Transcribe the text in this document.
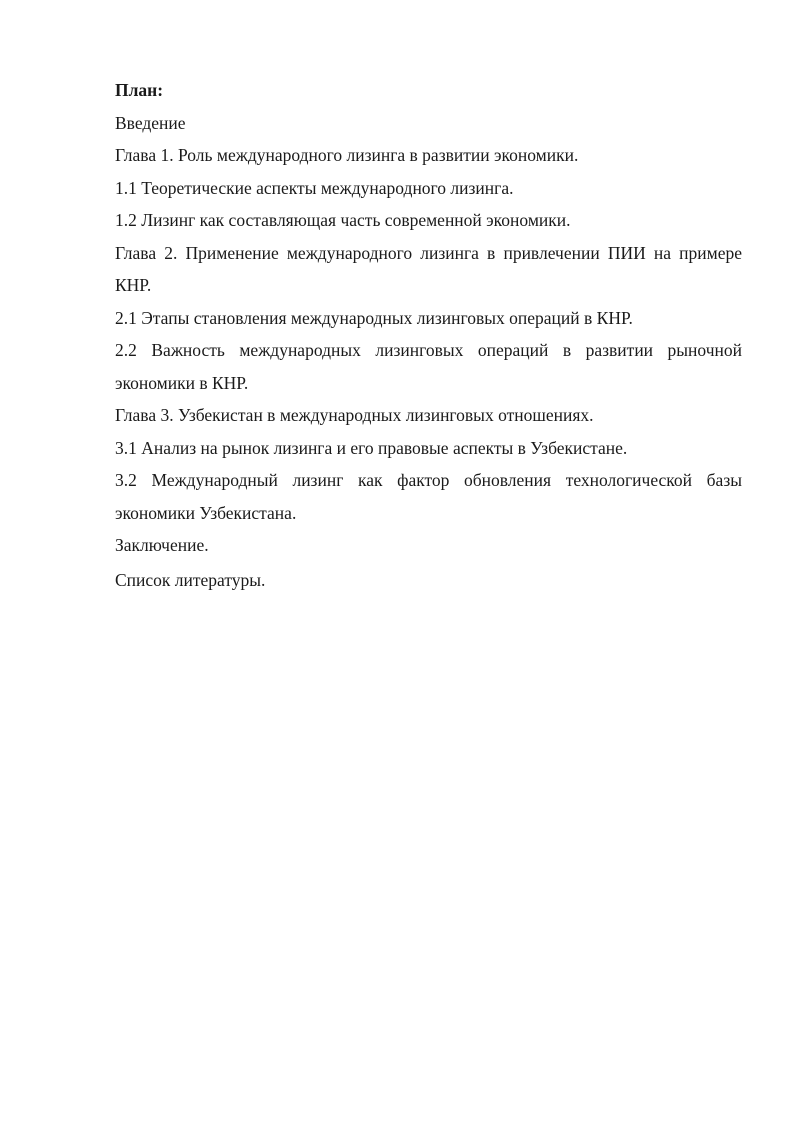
План:

Введение

Глава 1. Роль международного лизинга в развитии экономики.

1.1 Теоретические аспекты международного лизинга.

1.2 Лизинг как составляющая часть современной экономики.

Глава 2. Применение международного лизинга в привлечении ПИИ на примере КНР.

2.1 Этапы становления международных лизинговых операций в КНР.

2.2 Важность международных лизинговых операций в развитии рыночной экономики в КНР.

Глава 3. Узбекистан в международных лизинговых отношениях.

3.1 Анализ на рынок лизинга и его правовые аспекты в Узбекистане.

3.2 Международный лизинг как фактор обновления технологической базы экономики Узбекистана.

Заключение.

Список литературы.
